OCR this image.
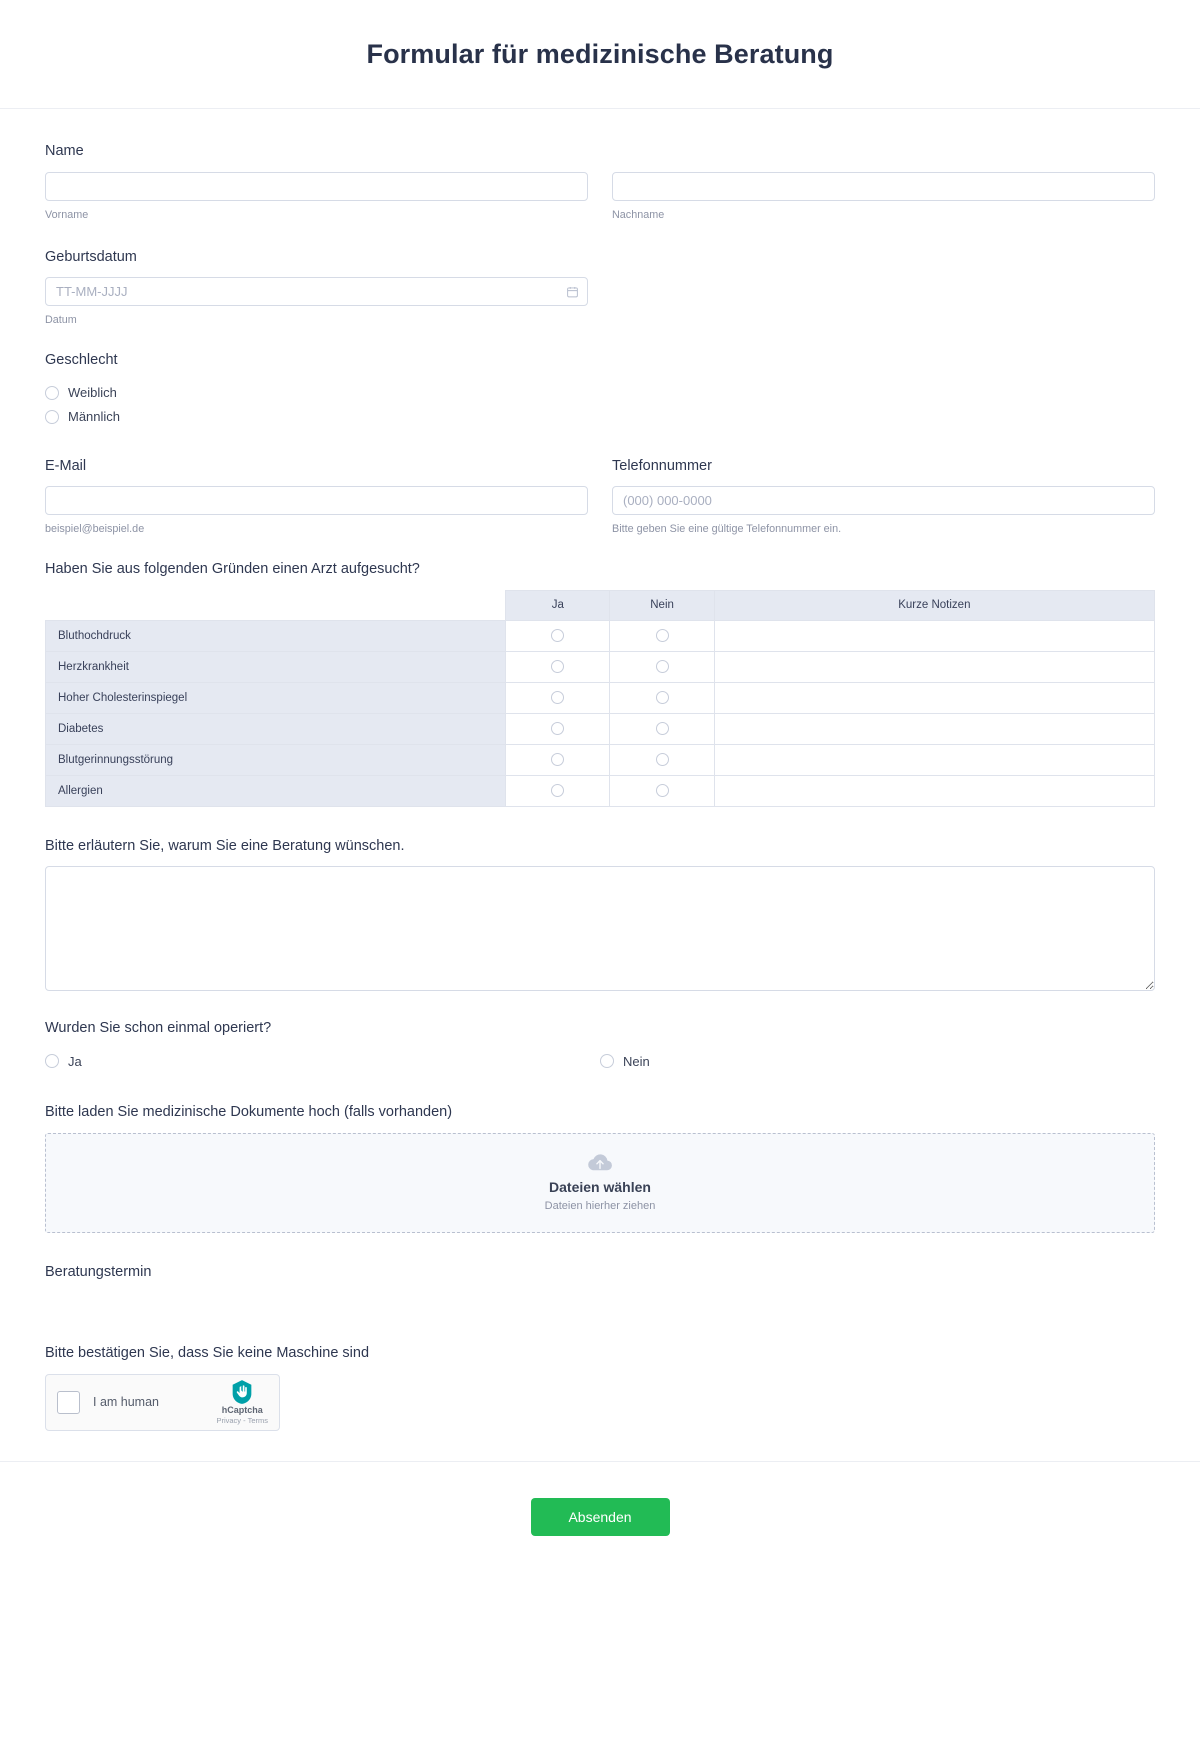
Formular für medizinische Beratung
Name
Vorname	Nachname
Geburtsdatum
TT-MM-JJJJ
Datum
Geschlecht
Weiblich
Männlich
E-Mail
beispiel@beispiel.de
Telefonnummer
(000) 000-0000
Bitte geben Sie eine gültige Telefonnummer ein.
Haben Sie aus folgenden Gründen einen Arzt aufgesucht?
	Ja	Nein	Kurze Notizen
Bluthochdruck			
Herzkrankheit			
Hoher Cholesterinspiegel			
Diabetes			
Blutgerinnungsstörung			
Allergien			
Bitte erläutern Sie, warum Sie eine Beratung wünschen.
Wurden Sie schon einmal operiert?
Ja	Nein
Bitte laden Sie medizinische Dokumente hoch (falls vorhanden)
Dateien wählen
Dateien hierher ziehen
Beratungstermin
Bitte bestätigen Sie, dass Sie keine Maschine sind
I am human
hCaptcha
Privacy - Terms
Absenden
